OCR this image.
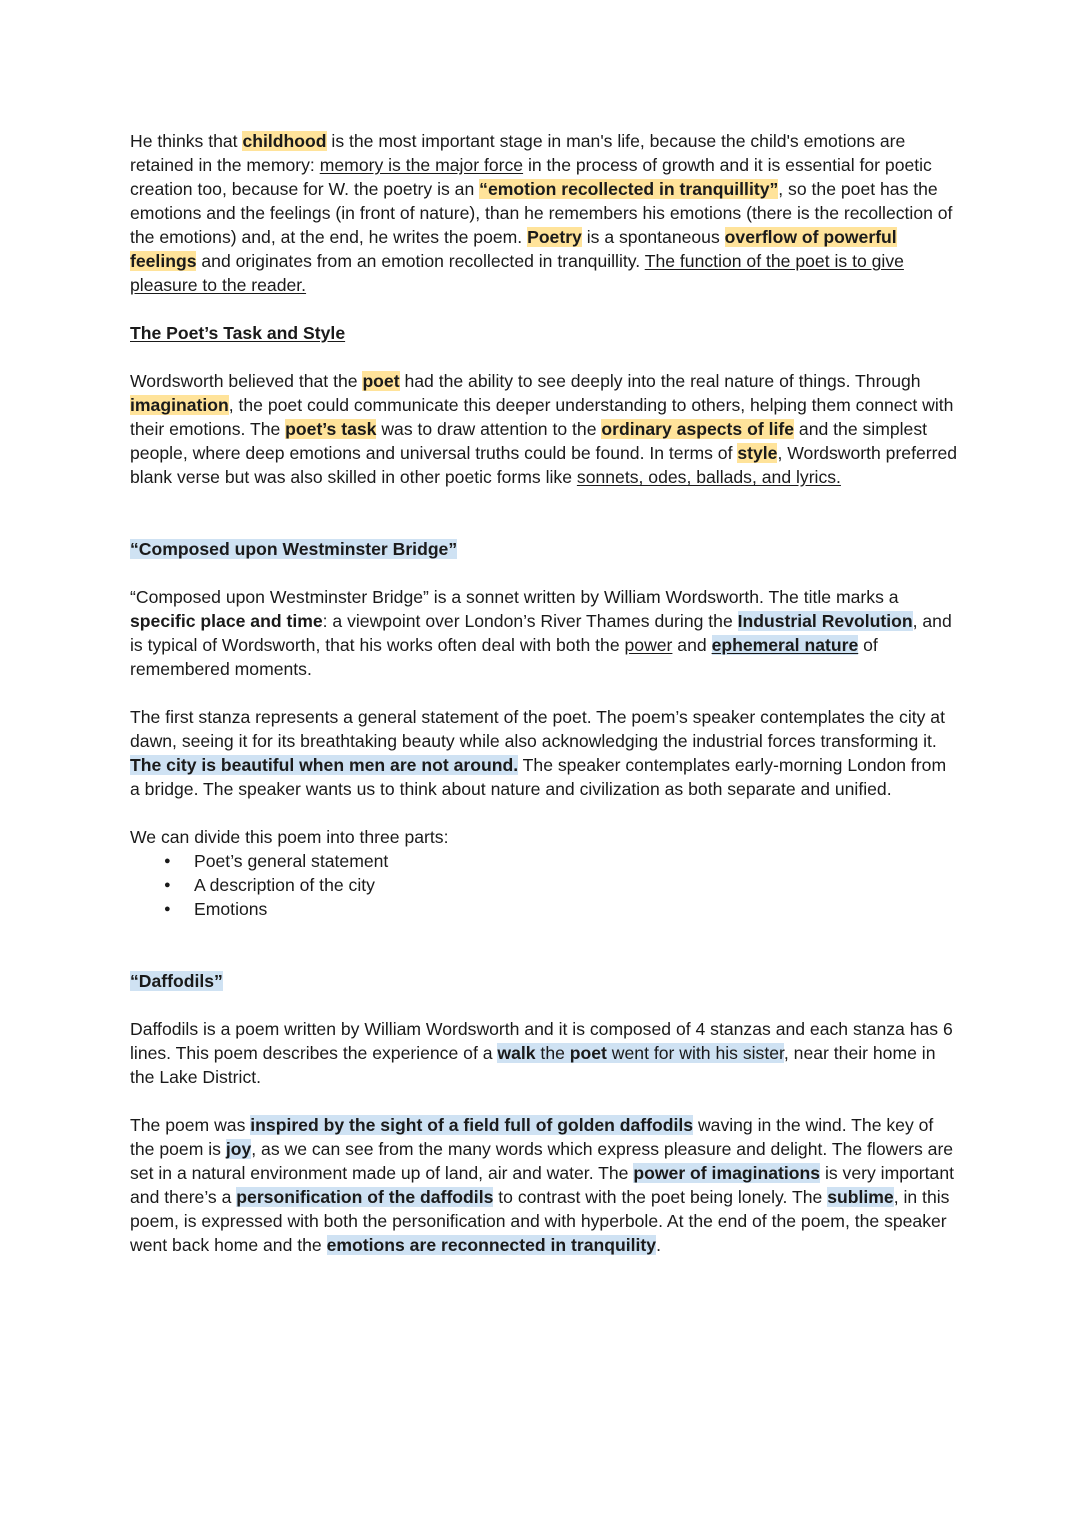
He thinks that childhood is the most important stage in man's life, because the child's emotions are retained in the memory: memory is the major force in the process of growth and it is essential for poetic creation too, because for W. the poetry is an “emotion recollected in tranquillity”, so the poet has the emotions and the feelings (in front of nature), than he remembers his emotions (there is the recollection of the emotions) and, at the end, he writes the poem. Poetry is a spontaneous overflow of powerful feelings and originates from an emotion recollected in tranquillity. The function of the poet is to give pleasure to the reader.

The Poet’s Task and Style

Wordsworth believed that the poet had the ability to see deeply into the real nature of things. Through imagination, the poet could communicate this deeper understanding to others, helping them connect with their emotions. The poet’s task was to draw attention to the ordinary aspects of life and the simplest people, where deep emotions and universal truths could be found. In terms of style, Wordsworth preferred blank verse but was also skilled in other poetic forms like sonnets, odes, ballads, and lyrics.

“Composed upon Westminster Bridge”

“Composed upon Westminster Bridge” is a sonnet written by William Wordsworth. The title marks a specific place and time: a viewpoint over London’s River Thames during the Industrial Revolution, and is typical of Wordsworth, that his works often deal with both the power and ephemeral nature of remembered moments.

The first stanza represents a general statement of the poet. The poem’s speaker contemplates the city at dawn, seeing it for its breathtaking beauty while also acknowledging the industrial forces transforming it. The city is beautiful when men are not around. The speaker contemplates early-morning London from a bridge. The speaker wants us to think about nature and civilization as both separate and unified.

We can divide this poem into three parts:

● Poet’s general statement
● A description of the city
● Emotions

“Daffodils”

Daffodils is a poem written by William Wordsworth and it is composed of 4 stanzas and each stanza has 6 lines. This poem describes the experience of a walk the poet went for with his sister, near their home in the Lake District.

The poem was inspired by the sight of a field full of golden daffodils waving in the wind. The key of the poem is joy, as we can see from the many words which express pleasure and delight. The flowers are set in a natural environment made up of land, air and water. The power of imaginations is very important and there’s a personification of the daffodils to contrast with the poet being lonely. The sublime, in this poem, is expressed with both the personification and with hyperbole. At the end of the poem, the speaker went back home and the emotions are reconnected in tranquility.
